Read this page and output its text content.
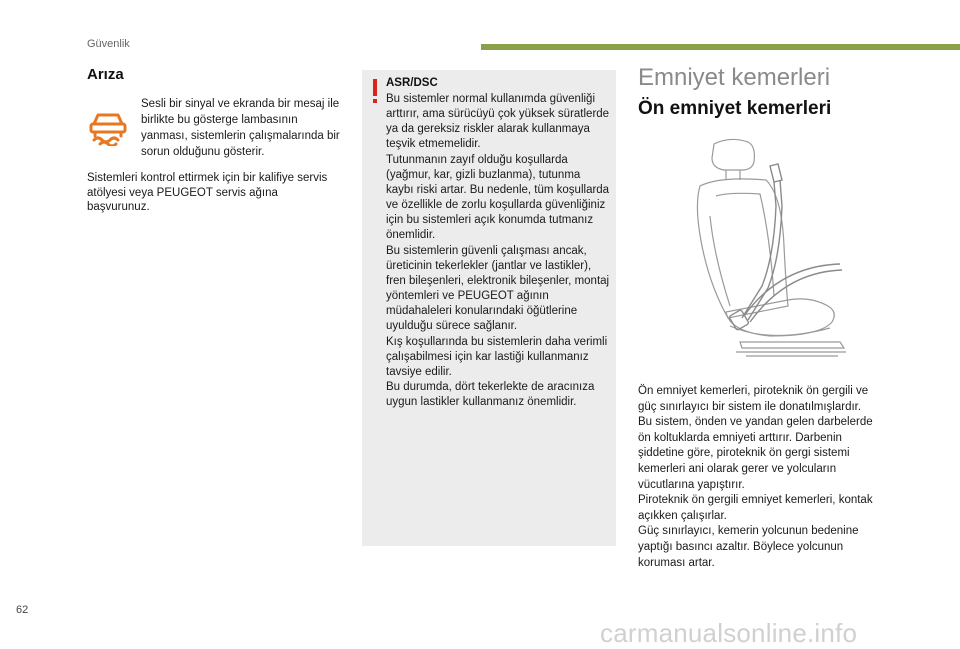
Güvenlik
Arıza

Sesli bir sinyal ve ekranda bir mesaj ile birlikte bu gösterge lambasının yanması, sistemlerin çalışmalarında bir sorun olduğunu gösterir.

Sistemleri kontrol ettirmek için bir kalifiye servis atölyesi veya PEUGEOT servis ağına başvurunuz.

ASR/DSC

Bu sistemler normal kullanımda güvenliği arttırır, ama sürücüyü çok yüksek süratlerde ya da gereksiz riskler alarak kullanmaya teşvik etmemelidir.
Tutunmanın zayıf olduğu koşullarda (yağmur, kar, gizli buzlanma), tutunma kaybı riski artar. Bu nedenle, tüm koşullarda ve özellikle de zorlu koşullarda güvenliğiniz için bu sistemleri açık konumda tutmanız önemlidir.
Bu sistemlerin güvenli çalışması ancak, üreticinin tekerlekler (jantlar ve lastikler), fren bileşenleri, elektronik bileşenler, montaj yöntemleri ve PEUGEOT ağının müdahaleleri konularındaki öğütlerine uyulduğu sürece sağlanır.
Kış koşullarında bu sistemlerin daha verimli çalışabilmesi için kar lastiği kullanmanız tavsiye edilir.
Bu durumda, dört tekerlekte de aracınıza uygun lastikler kullanmanız önemlidir.

Emniyet kemerleri
Ön emniyet kemerleri

Ön emniyet kemerleri, piroteknik ön gergili ve güç sınırlayıcı bir sistem ile donatılmışlardır.
Bu sistem, önden ve yandan gelen darbelerde ön koltuklarda emniyeti arttırır. Darbenin şiddetine göre, piroteknik ön gergi sistemi kemerleri ani olarak gerer ve yolcuların vücutlarına yapıştırır.
Piroteknik ön gergili emniyet kemerleri, kontak açıkken çalışırlar.
Güç sınırlayıcı, kemerin yolcunun bedenine yaptığı basıncı azaltır. Böylece yolcunun koruması artar.

62
carmanualsonline.info
